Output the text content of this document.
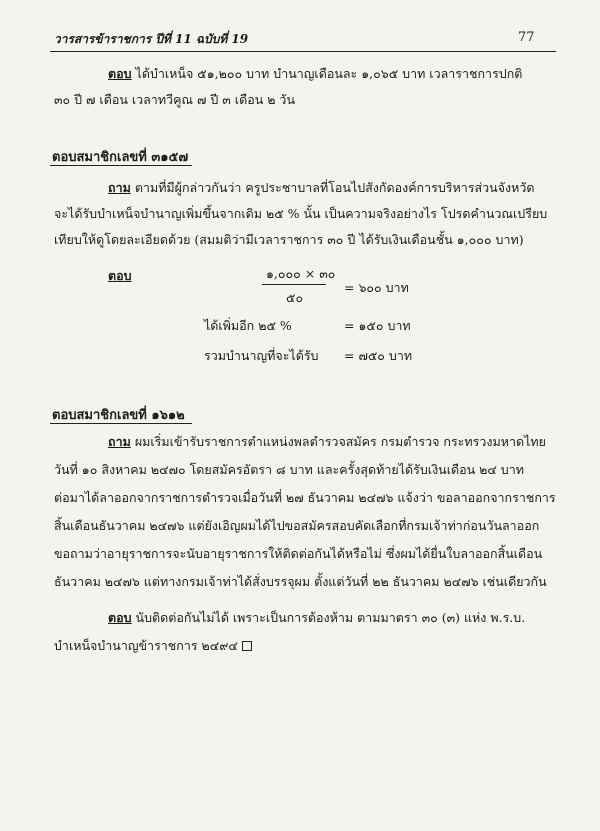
วารสารข้าราชการ ปีที่ 11 ฉบับที่ 19	77
ตอบ ได้บำเหน็จ ๕๑,๒๐๐ บาท บำนาญเดือนละ ๑,๐๖๕ บาท เวลาราชการปกติ
๓๐ ปี ๗ เดือน เวลาทวีคูณ ๗ ปี ๓ เดือน ๒ วัน
ตอบสมาชิกเลขที่ ๓๑๕๗
ถาม ตามที่มีผู้กล่าวกันว่า ครูประชาบาลที่โอนไปสังกัดองค์การบริหารส่วนจังหวัด
จะได้รับบำเหน็จบำนาญเพิ่มขึ้นจากเดิม ๒๕ % นั้น เป็นความจริงอย่างไร โปรดคำนวณเปรียบ
เทียบให้ดูโดยละเอียดด้วย (สมมติว่ามีเวลาราชการ ๓๐ ปี ได้รับเงินเดือนชั้น ๑,๐๐๐ บาท)
ตอบ	๑,๐๐๐ × ๓๐
๕๐
= ๖๐๐ บาท
ได้เพิ่มอีก ๒๕ %	= ๑๕๐ บาท
รวมบำนาญที่จะได้รับ = ๗๕๐ บาท
ตอบสมาชิกเลขที่ ๑๖๑๒
ถาม ผมเริ่มเข้ารับราชการตำแหน่งพลตำรวจสมัคร กรมตำรวจ กระทรวงมหาดไทย
วันที่ ๑๐ สิงหาคม ๒๔๗๐ โดยสมัครอัตรา ๘ บาท และครั้งสุดท้ายได้รับเงินเดือน ๒๔ บาท
ต่อมาได้ลาออกจากราชการตำรวจเมื่อวันที่ ๒๗ ธันวาคม ๒๔๗๖ แจ้งว่า ขอลาออกจากราชการ
สิ้นเดือนธันวาคม ๒๔๗๖ แต่ยังเอิญผมได้ไปขอสมัครสอบคัดเลือกที่กรมเจ้าท่าก่อนวันลาออก
ขอถามว่าอายุราชการจะนับอายุราชการให้ติดต่อกันได้หรือไม่ ซึ่งผมได้ยื่นใบลาออกสิ้นเดือน
ธันวาคม ๒๔๗๖ แต่ทางกรมเจ้าท่าได้สั่งบรรจุผม ตั้งแต่วันที่ ๒๒ ธันวาคม ๒๔๗๖ เช่นเดียวกัน
ตอบ นับติดต่อกันไม่ได้ เพราะเป็นการต้องห้าม ตามมาตรา ๓๐ (๓) แห่ง พ.ร.บ.
บำเหน็จบำนาญข้าราชการ ๒๔๙๔
